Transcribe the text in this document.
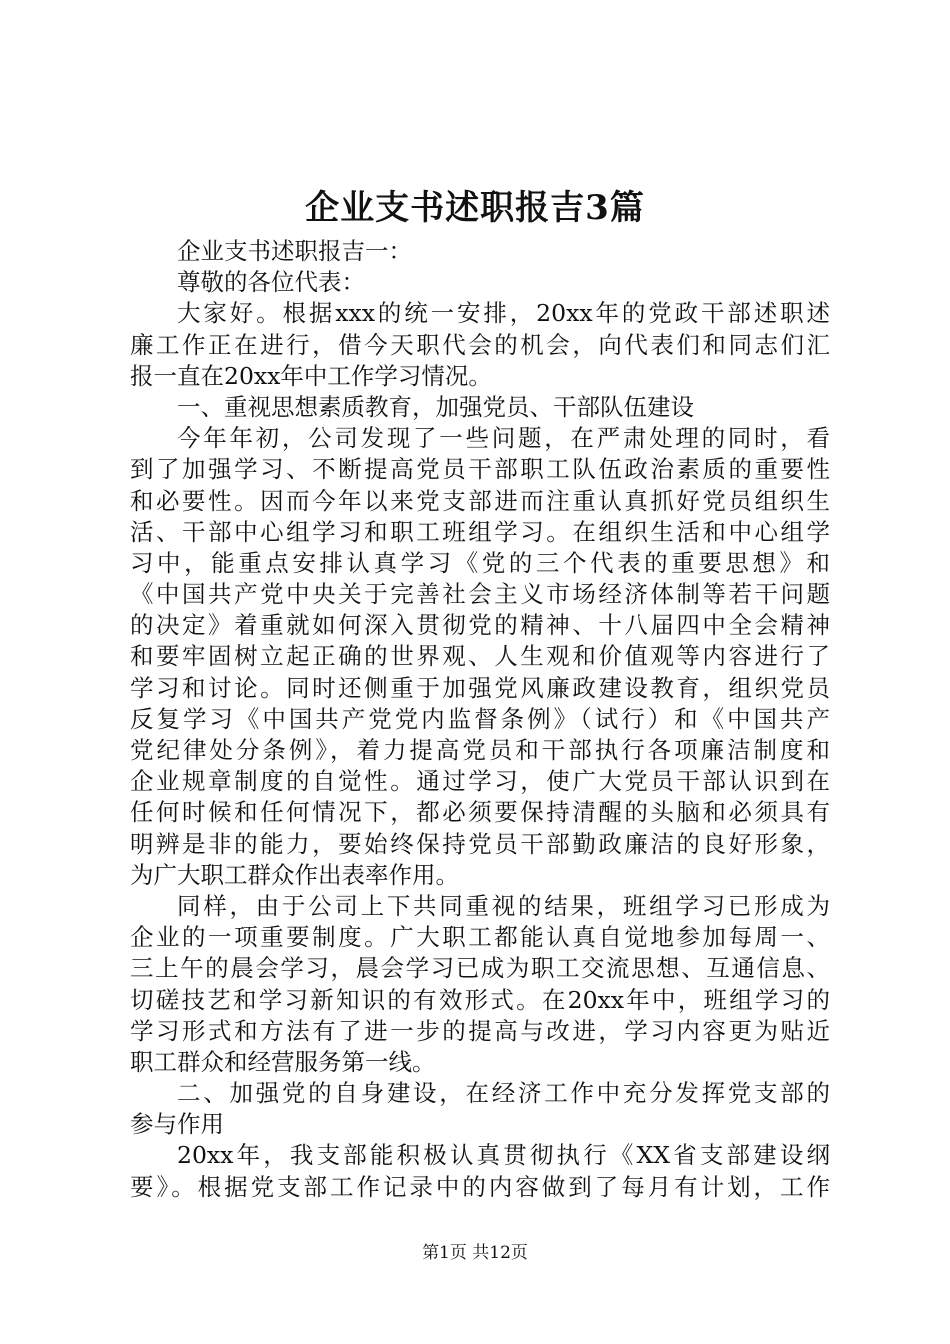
企业支书述职报吉3篇
企业支书述职报吉一：
尊敬的各位代表：
大家好。根据xxx的统一安排，20xx年的党政干部述职述
廉工作正在进行，借今天职代会的机会，向代表们和同志们汇
报一直在20xx年中工作学习情况。
一、重视思想素质教育，加强党员、干部队伍建设
今年年初，公司发现了一些问题，在严肃处理的同时，看
到了加强学习、不断提高党员干部职工队伍政治素质的重要性
和必要性。因而今年以来党支部进而注重认真抓好党员组织生
活、干部中心组学习和职工班组学习。在组织生活和中心组学
习中，能重点安排认真学习《党的三个代表的重要思想》和
《中国共产党中央关于完善社会主义市场经济体制等若干问题
的决定》着重就如何深入贯彻党的精神、十八届四中全会精神
和要牢固树立起正确的世界观、人生观和价值观等内容进行了
学习和讨论。同时还侧重于加强党风廉政建设教育，组织党员
反复学习《中国共产党党内监督条例》（试行）和《中国共产
党纪律处分条例》，着力提高党员和干部执行各项廉洁制度和
企业规章制度的自觉性。通过学习，使广大党员干部认识到在
任何时候和任何情况下，都必须要保持清醒的头脑和必须具有
明辨是非的能力，要始终保持党员干部勤政廉洁的良好形象，
为广大职工群众作出表率作用。
同样，由于公司上下共同重视的结果，班组学习已形成为
企业的一项重要制度。广大职工都能认真自觉地参加每周一、
三上午的晨会学习，晨会学习已成为职工交流思想、互通信息、
切磋技艺和学习新知识的有效形式。在20xx年中，班组学习的
学习形式和方法有了进一步的提高与改进，学习内容更为贴近
职工群众和经营服务第一线。
二、加强党的自身建设，在经济工作中充分发挥党支部的
参与作用
20xx年，我支部能积极认真贯彻执行《XX省支部建设纲
要》。根据党支部工作记录中的内容做到了每月有计划，工作
第1页 共12页
